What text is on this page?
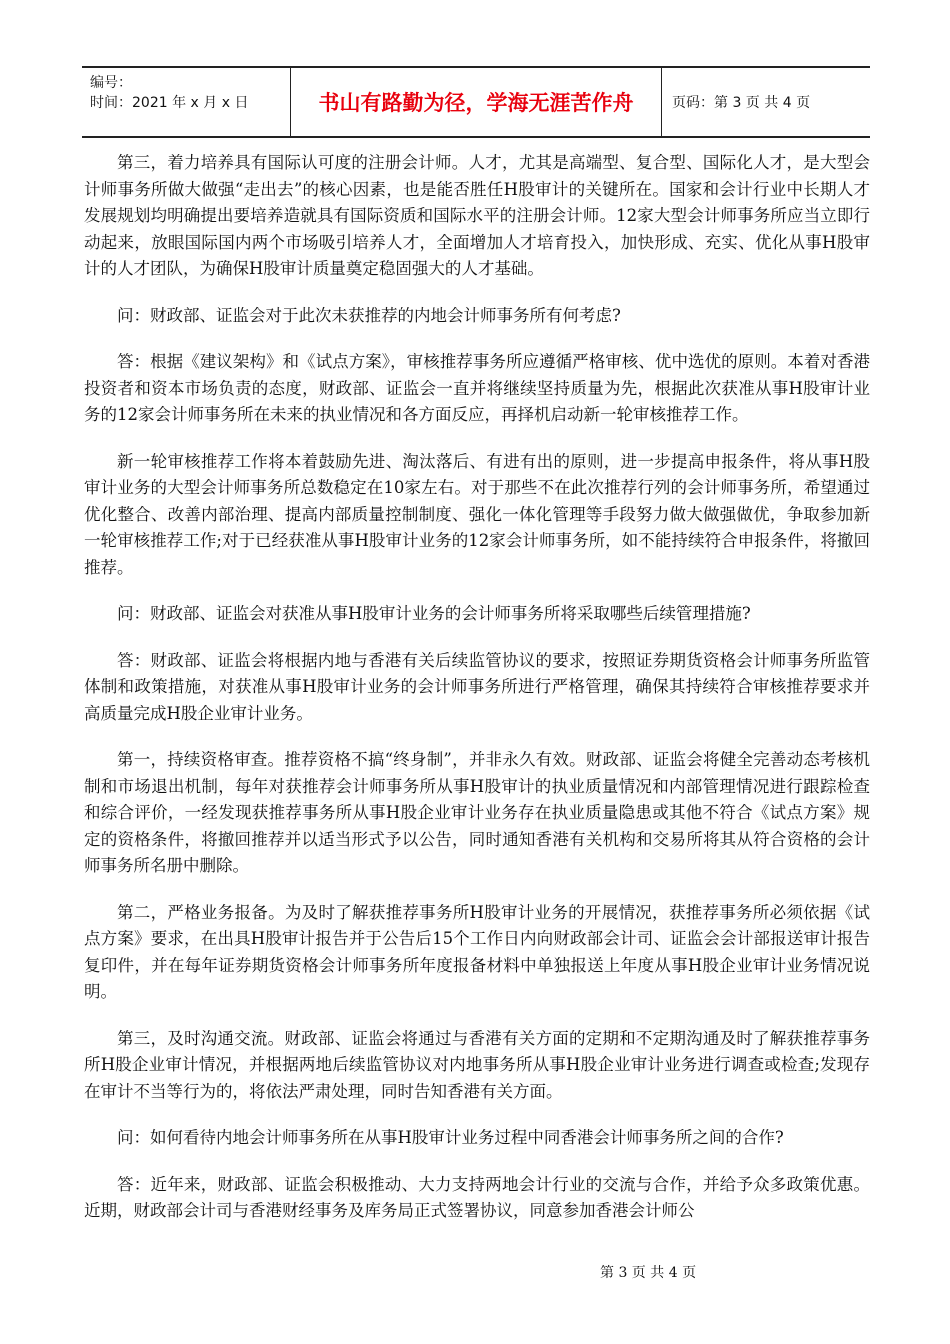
编号：
时间：2021 年 x 月 x 日	书山有路勤为径，学海无涯苦作舟	页码：第 3 页 共 4 页

第三，着力培养具有国际认可度的注册会计师。人才，尤其是高端型、复合型、国际化人才，是大型会计师事务所做大做强“走出去”的核心因素，也是能否胜任H股审计的关键所在。国家和会计行业中长期人才发展规划均明确提出要培养造就具有国际资质和国际水平的注册会计师。12家大型会计师事务所应当立即行动起来，放眼国际国内两个市场吸引培养人才，全面增加人才培育投入，加快形成、充实、优化从事H股审计的人才团队，为确保H股审计质量奠定稳固强大的人才基础。

问：财政部、证监会对于此次未获推荐的内地会计师事务所有何考虑?

答：根据《建议架构》和《试点方案》，审核推荐事务所应遵循严格审核、优中选优的原则。本着对香港投资者和资本市场负责的态度，财政部、证监会一直并将继续坚持质量为先，根据此次获准从事H股审计业务的12家会计师事务所在未来的执业情况和各方面反应，再择机启动新一轮审核推荐工作。

新一轮审核推荐工作将本着鼓励先进、淘汰落后、有进有出的原则，进一步提高申报条件，将从事H股审计业务的大型会计师事务所总数稳定在10家左右。对于那些不在此次推荐行列的会计师事务所，希望通过优化整合、改善内部治理、提高内部质量控制制度、强化一体化管理等手段努力做大做强做优，争取参加新一轮审核推荐工作;对于已经获准从事H股审计业务的12家会计师事务所，如不能持续符合申报条件，将撤回推荐。

问：财政部、证监会对获准从事H股审计业务的会计师事务所将采取哪些后续管理措施?

答：财政部、证监会将根据内地与香港有关后续监管协议的要求，按照证券期货资格会计师事务所监管体制和政策措施，对获准从事H股审计业务的会计师事务所进行严格管理，确保其持续符合审核推荐要求并高质量完成H股企业审计业务。

第一，持续资格审查。推荐资格不搞“终身制”，并非永久有效。财政部、证监会将健全完善动态考核机制和市场退出机制，每年对获推荐会计师事务所从事H股审计的执业质量情况和内部管理情况进行跟踪检查和综合评价，一经发现获推荐事务所从事H股企业审计业务存在执业质量隐患或其他不符合《试点方案》规定的资格条件，将撤回推荐并以适当形式予以公告，同时通知香港有关机构和交易所将其从符合资格的会计师事务所名册中删除。

第二，严格业务报备。为及时了解获推荐事务所H股审计业务的开展情况，获推荐事务所必须依据《试点方案》要求，在出具H股审计报告并于公告后15个工作日内向财政部会计司、证监会会计部报送审计报告复印件，并在每年证券期货资格会计师事务所年度报备材料中单独报送上年度从事H股企业审计业务情况说明。

第三，及时沟通交流。财政部、证监会将通过与香港有关方面的定期和不定期沟通及时了解获推荐事务所H股企业审计情况，并根据两地后续监管协议对内地事务所从事H股企业审计业务进行调查或检查;发现存在审计不当等行为的，将依法严肃处理，同时告知香港有关方面。

问：如何看待内地会计师事务所在从事H股审计业务过程中同香港会计师事务所之间的合作?

答：近年来，财政部、证监会积极推动、大力支持两地会计行业的交流与合作，并给予众多政策优惠。近期，财政部会计司与香港财经事务及库务局正式签署协议，同意参加香港会计师公

第 3 页 共 4 页
